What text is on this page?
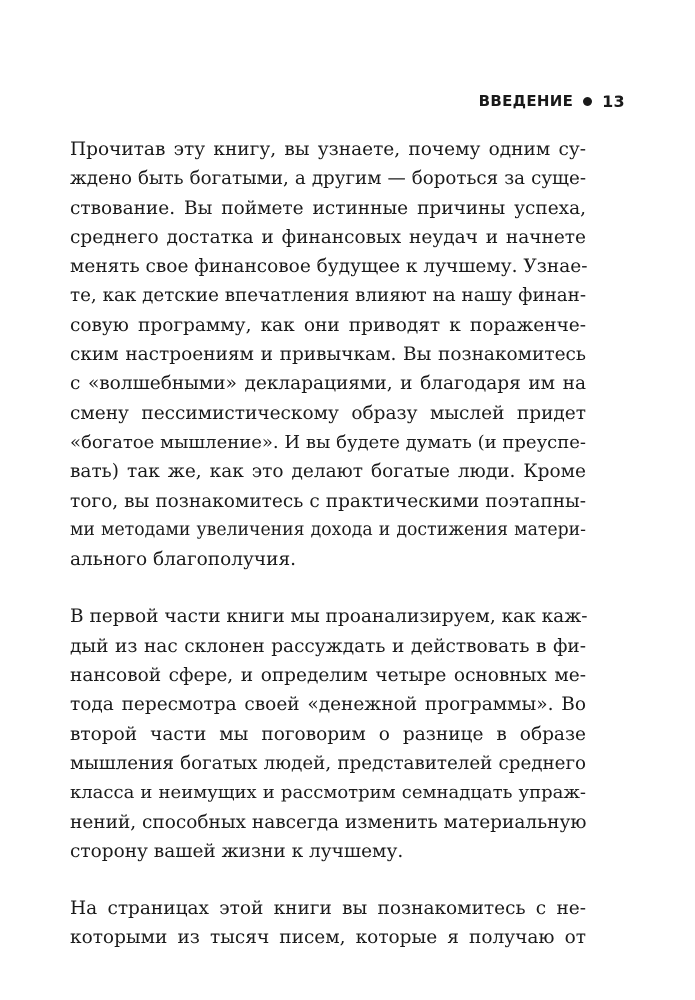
ВВЕДЕНИЕ 13

Прочитав эту книгу, вы узнаете, почему одним су-
ждено быть богатыми, а другим — бороться за суще-
ствование. Вы поймете истинные причины успеха,
среднего достатка и финансовых неудач и начнете
менять свое финансовое будущее к лучшему. Узнае-
те, как детские впечатления влияют на нашу финан-
совую программу, как они приводят к пораженче-
ским настроениям и привычкам. Вы познакомитесь
с «волшебными» декларациями, и благодаря им на
смену пессимистическому образу мыслей придет
«богатое мышление». И вы будете думать (и преуспе-
вать) так же, как это делают богатые люди. Кроме
того, вы познакомитесь с практическими поэтапны-
ми методами увеличения дохода и достижения матери-
ального благополучия.

В первой части книги мы проанализируем, как каж-
дый из нас склонен рассуждать и действовать в фи-
нансовой сфере, и определим четыре основных ме-
тода пересмотра своей «денежной программы». Во
второй части мы поговорим о разнице в образе
мышления богатых людей, представителей среднего
класса и неимущих и рассмотрим семнадцать упраж-
нений, способных навсегда изменить материальную
сторону вашей жизни к лучшему.

На страницах этой книги вы познакомитесь с не-
которыми из тысяч писем, которые я получаю от
